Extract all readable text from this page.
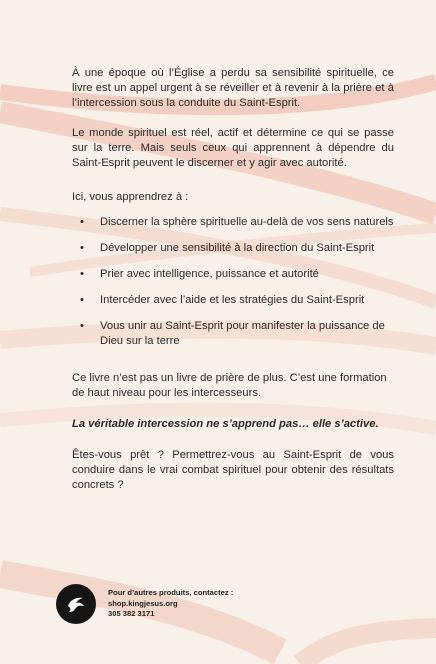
À une époque où l’Église a perdu sa sensibilité spirituelle, ce livre est un appel urgent à se réveiller et à revenir à la prière et à l’intercession sous la conduite du Saint-Esprit.

Le monde spirituel est réel, actif et détermine ce qui se passe sur la terre. Mais seuls ceux qui apprennent à dépendre du Saint-Esprit peuvent le discerner et y agir avec autorité.

Ici, vous apprendrez à :

• Discerner la sphère spirituelle au-delà de vos sens naturels
• Développer une sensibilité à la direction du Saint-Esprit
• Prier avec intelligence, puissance et autorité
• Intercéder avec l’aide et les stratégies du Saint-Esprit
• Vous unir au Saint-Esprit pour manifester la puissance de Dieu sur la terre

Ce livre n’est pas un livre de prière de plus. C’est une formation de haut niveau pour les intercesseurs.

La véritable intercession ne s’apprend pas… elle s’active.

Êtes-vous prêt ? Permettrez-vous au Saint-Esprit de vous conduire dans le vrai combat spirituel pour obtenir des résultats concrets ?

Pour d’autres produits, contactez :
shop.kingjesus.org
305 382 3171
